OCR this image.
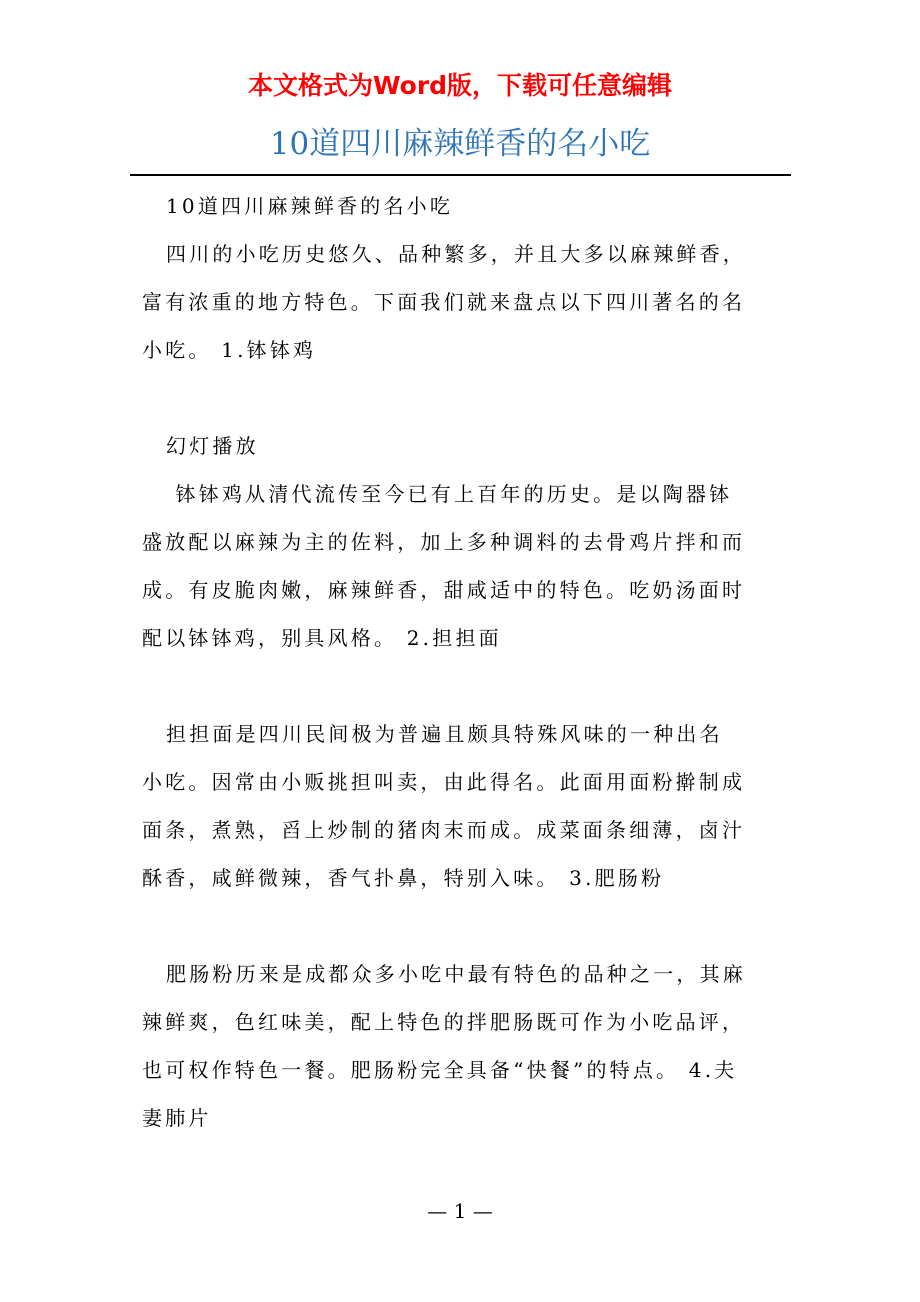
本文格式为Word版，下载可任意编辑
10道四川麻辣鲜香的名小吃
10道四川麻辣鲜香的名小吃
四川的小吃历史悠久、品种繁多，并且大多以麻辣鲜香，
富有浓重的地方特色。下面我们就来盘点以下四川著名的名
小吃。 1.钵钵鸡
幻灯播放
钵钵鸡从清代流传至今已有上百年的历史。是以陶器钵
盛放配以麻辣为主的佐料，加上多种调料的去骨鸡片拌和而
成。有皮脆肉嫩，麻辣鲜香，甜咸适中的特色。吃奶汤面时
配以钵钵鸡，别具风格。 2.担担面
担担面是四川民间极为普遍且颇具特殊风味的一种出名
小吃。因常由小贩挑担叫卖，由此得名。此面用面粉擀制成
面条，煮熟，舀上炒制的猪肉末而成。成菜面条细薄，卤汁
酥香，咸鲜微辣，香气扑鼻，特别入味。 3.肥肠粉
肥肠粉历来是成都众多小吃中最有特色的品种之一，其麻
辣鲜爽，色红味美，配上特色的拌肥肠既可作为小吃品评，
也可权作特色一餐。肥肠粉完全具备“快餐”的特点。 4.夫
妻肺片
— 1 —
